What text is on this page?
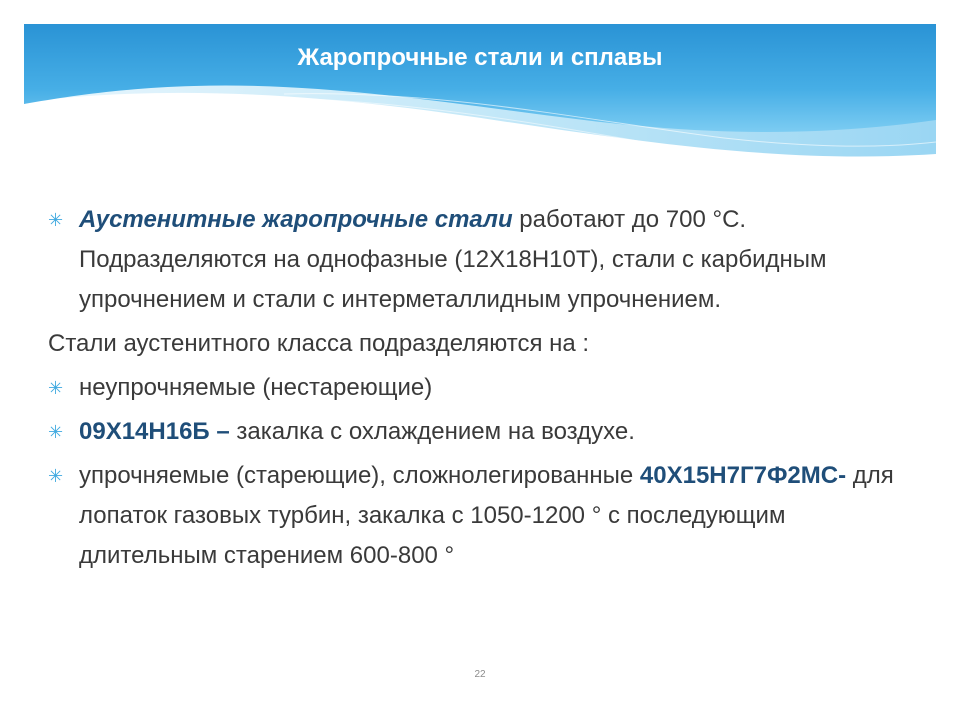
Жаропрочные стали и сплавы
✳ Аустенитные жаропрочные стали работают до 700 °С. Подразделяются на однофазные (12Х18Н10Т), стали с карбидным упрочнением и стали с интерметаллидным упрочнением.
Стали аустенитного класса подразделяются на :
✳ неупрочняемые (нестареющие)
✳ 09Х14Н16Б – закалка с охлаждением на воздухе.
✳ упрочняемые (стареющие), сложнолегированные 40Х15Н7Г7Ф2МС- для лопаток газовых турбин, закалка с 1050-1200 ° с последующим длительным старением 600-800 °
22
